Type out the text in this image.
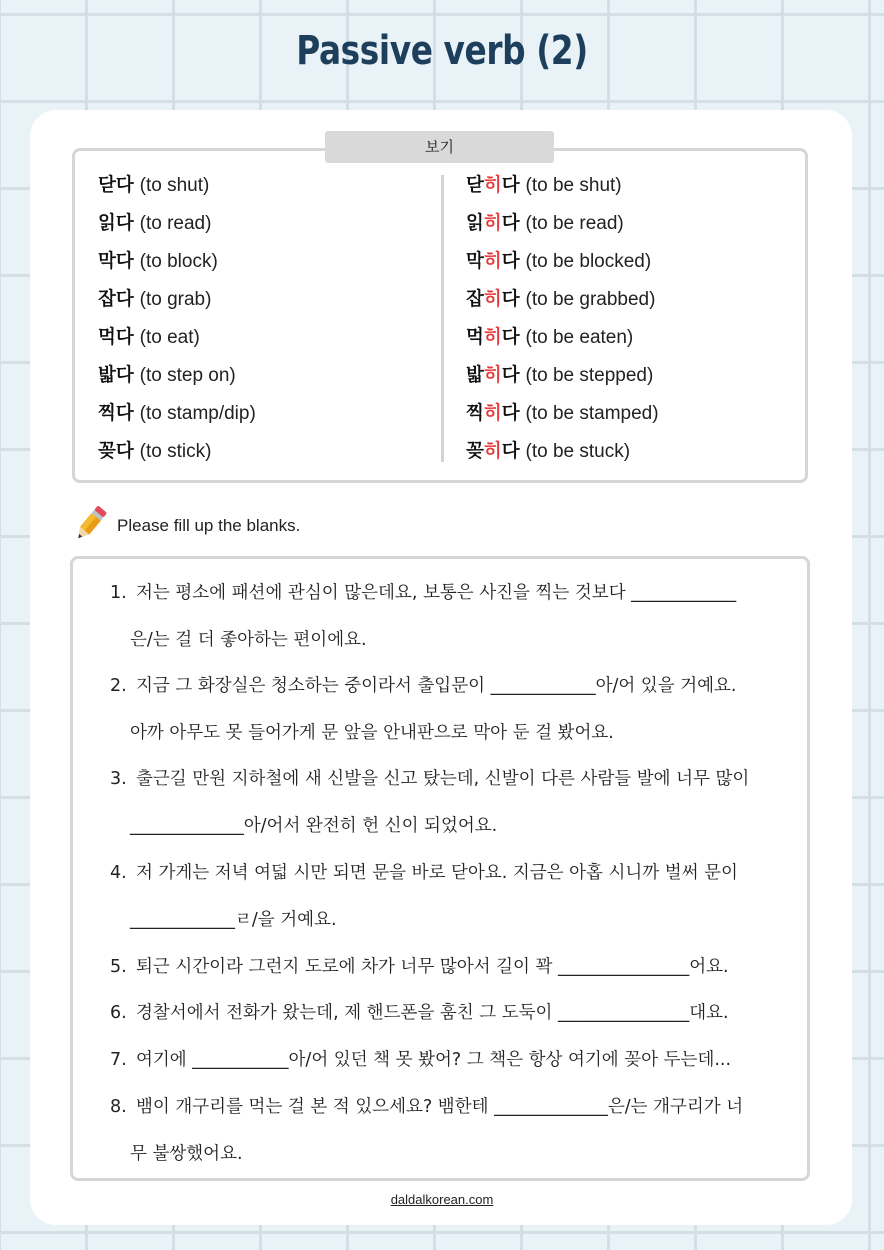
Passive verb (2)
보기
닫다 (to shut)
읽다 (to read)
막다 (to block)
잡다 (to grab)
먹다 (to eat)
밟다 (to step on)
찍다 (to stamp/dip)
꽂다 (to stick)
닫히다 (to be shut)
읽히다 (to be read)
막히다 (to be blocked)
잡히다 (to be grabbed)
먹히다 (to be eaten)
밟히다 (to be stepped)
찍히다 (to be stamped)
꽂히다 (to be stuck)
Please fill up the blanks.
1. 저는 평소에 패션에 관심이 많은데요, 보통은 사진을 찍는 것보다 ____________
은/는 걸 더 좋아하는 편이에요.
2. 지금 그 화장실은 청소하는 중이라서 출입문이 ____________아/어 있을 거예요.
아까 아무도 못 들어가게 문 앞을 안내판으로 막아 둔 걸 봤어요.
3. 출근길 만원 지하철에 새 신발을 신고 탔는데, 신발이 다른 사람들 발에 너무 많이
_____________아/어서 완전히 헌 신이 되었어요.
4. 저 가게는 저녁 여덟 시만 되면 문을 바로 닫아요. 지금은 아홉 시니까 벌써 문이
____________ㄹ/을 거예요.
5. 퇴근 시간이라 그런지 도로에 차가 너무 많아서 길이 꽉 _______________어요.
6. 경찰서에서 전화가 왔는데, 제 핸드폰을 훔친 그 도둑이 _______________대요.
7. 여기에 ___________아/어 있던 책 못 봤어? 그 책은 항상 여기에 꽂아 두는데...
8. 뱀이 개구리를 먹는 걸 본 적 있으세요? 뱀한테 _____________은/는 개구리가 너
무 불쌍했어요.
daldalkorean.com
